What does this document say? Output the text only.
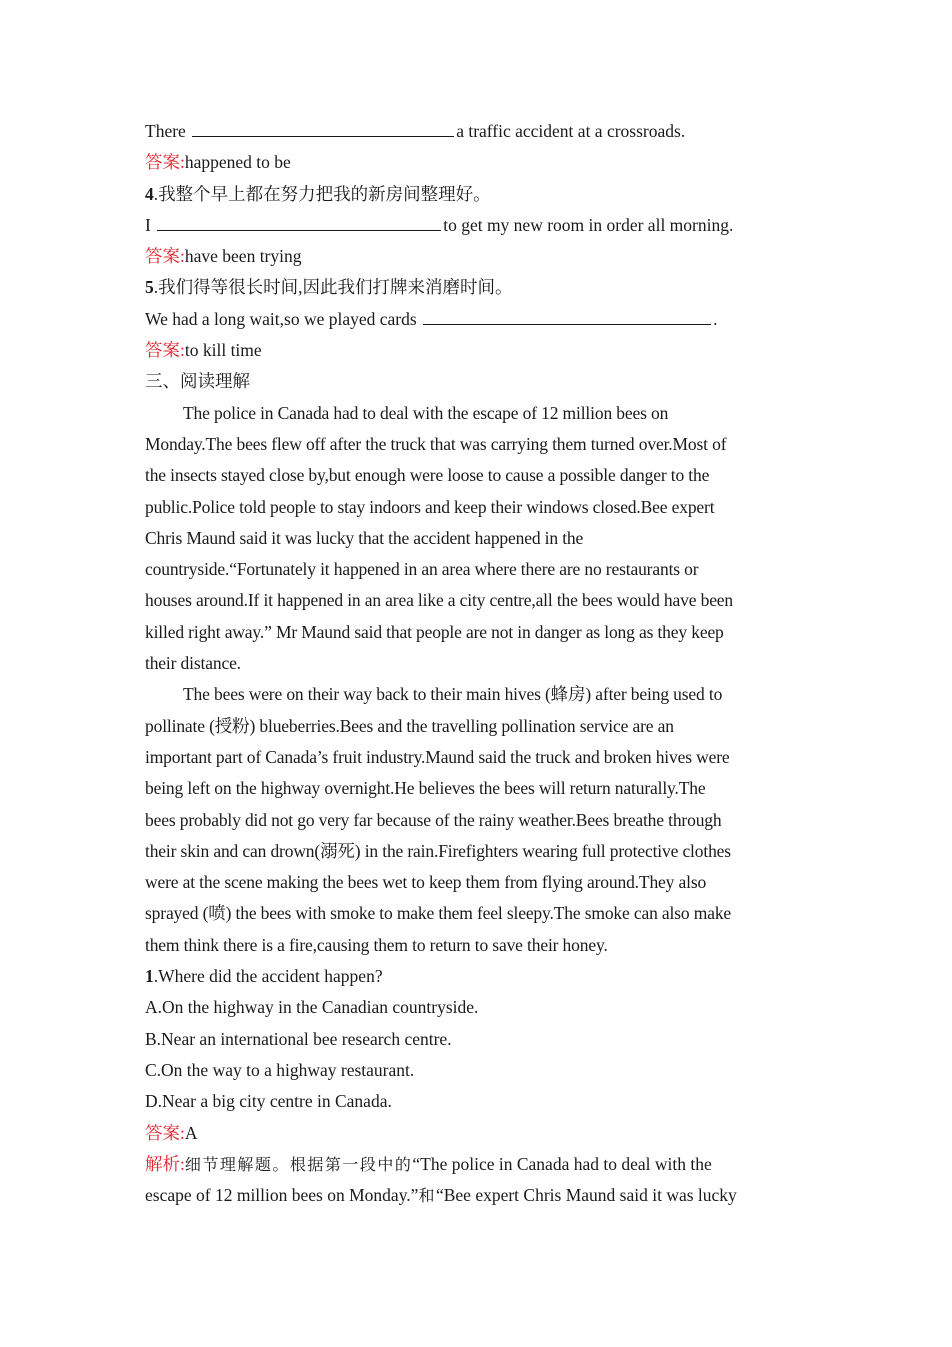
There	a traffic accident at a crossroads.
答案:happened to be
4.我整个早上都在努力把我的新房间整理好。
I	to get my new room in order all morning.
答案:have been trying
5.我们得等很长时间,因此我们打牌来消磨时间。
We had a long wait,so we played cards	.
答案:to kill time
三、阅读理解
The police in Canada had to deal with the escape of 12 million bees on
Monday.The bees flew off after the truck that was carrying them turned over.Most of
the insects stayed close by,but enough were loose to cause a possible danger to the
public.Police told people to stay indoors and keep their windows closed.Bee expert
Chris Maund said it was lucky that the accident happened in the
countryside.“Fortunately it happened in an area where there are no restaurants or
houses around.If it happened in an area like a city centre,all the bees would have been
killed right away.” Mr Maund said that people are not in danger as long as they keep
their distance.
The bees were on their way back to their main hives (蜂房) after being used to
pollinate (授粉) blueberries.Bees and the travelling pollination service are an
important part of Canada’s fruit industry.Maund said the truck and broken hives were
being left on the highway overnight.He believes the bees will return naturally.The
bees probably did not go very far because of the rainy weather.Bees breathe through
their skin and can drown(溺死) in the rain.Firefighters wearing full protective clothes
were at the scene making the bees wet to keep them from flying around.They also
sprayed (喷) the bees with smoke to make them feel sleepy.The smoke can also make
them think there is a fire,causing them to return to save their honey.
1.Where did the accident happen?
A.On the highway in the Canadian countryside.
B.Near an international bee research centre.
C.On the way to a highway restaurant.
D.Near a big city centre in Canada.
答案:A
解析:细节理解题。根据第一段中的“The police in Canada had to deal with the
escape of 12 million bees on Monday.”和“Bee expert Chris Maund said it was lucky
